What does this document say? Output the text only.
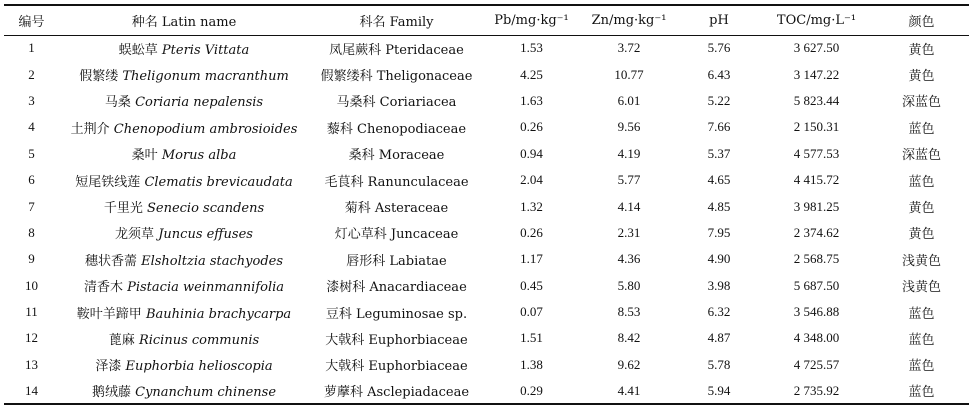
编号	种名 Latin name	科名 Family	Pb/mg·kg⁻¹	Zn/mg·kg⁻¹	pH	TOC/mg·L⁻¹	颜色
1	蜈蚣草 Pteris Vittata	凤尾蕨科 Pteridaceae	1.53	3.72	5.76	3 627.50	黄色
2	假繁缕 Theligonum macranthum	假繁缕科 Theligonaceae	4.25	10.77	6.43	3 147.22	黄色
3	马桑 Coriaria nepalensis	马桑科 Coriariacea	1.63	6.01	5.22	5 823.44	深蓝色
4	土荆介 Chenopodium ambrosioides	藜科 Chenopodiaceae	0.26	9.56	7.66	2 150.31	蓝色
5	桑叶 Morus alba	桑科 Moraceae	0.94	4.19	5.37	4 577.53	深蓝色
6	短尾铁线莲 Clematis brevicaudata	毛茛科 Ranunculaceae	2.04	5.77	4.65	4 415.72	蓝色
7	千里光 Senecio scandens	菊科 Asteraceae	1.32	4.14	4.85	3 981.25	黄色
8	龙须草 Juncus effuses	灯心草科 Juncaceae	0.26	2.31	7.95	2 374.62	黄色
9	穗状香薷 Elsholtzia stachyodes	唇形科 Labiatae	1.17	4.36	4.90	2 568.75	浅黄色
10	清香木 Pistacia weinmannifolia	漆树科 Anacardiaceae	0.45	5.80	3.98	5 687.50	浅黄色
11	鞍叶羊蹄甲 Bauhinia brachycarpa	豆科 Leguminosae sp.	0.07	8.53	6.32	3 546.88	蓝色
12	蓖麻 Ricinus communis	大戟科 Euphorbiaceae	1.51	8.42	4.87	4 348.00	蓝色
13	泽漆 Euphorbia helioscopia	大戟科 Euphorbiaceae	1.38	9.62	5.78	4 725.57	蓝色
14	鹅绒藤 Cynanchum chinense	萝藦科 Asclepiadaceae	0.29	4.41	5.94	2 735.92	蓝色
